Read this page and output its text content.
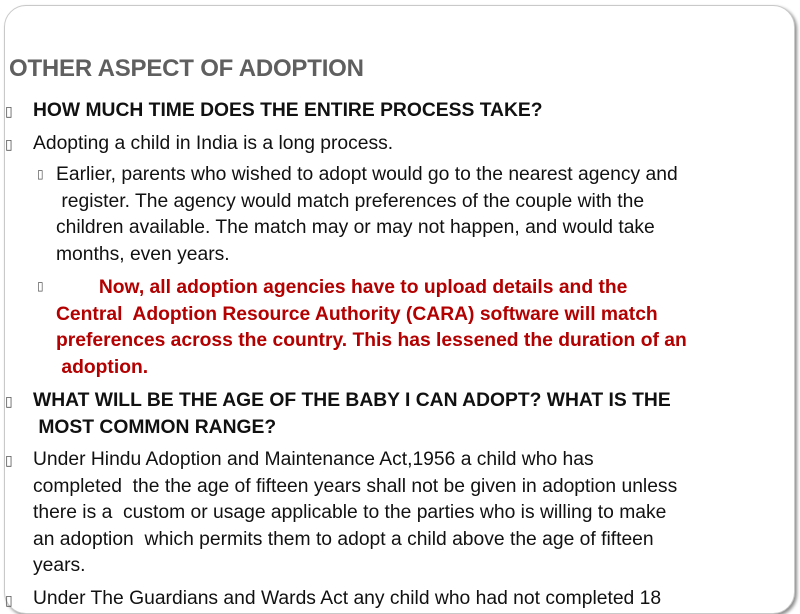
OTHER ASPECT OF ADOPTION
▯ HOW MUCH TIME DOES THE ENTIRE PROCESS TAKE?
▯ Adopting a child in India is a long process.
▯ Earlier, parents who wished to adopt would go to the nearest agency and
register. The agency would match preferences of the couple with the
children available. The match may or may not happen, and would take
months, even years.
▯ Now, all adoption agencies have to upload details and the
Central  Adoption Resource Authority (CARA) software will match
preferences across the country. This has lessened the duration of an
adoption.
▯ WHAT WILL BE THE AGE OF THE BABY I CAN ADOPT? WHAT IS THE
MOST COMMON RANGE?
▯ Under Hindu Adoption and Maintenance Act,1956 a child who has
completed  the the age of fifteen years shall not be given in adoption unless
there is a  custom or usage applicable to the parties who is willing to make
an adoption  which permits them to adopt a child above the age of fifteen
years.
▯ Under The Guardians and Wards Act any child who had not completed 18
